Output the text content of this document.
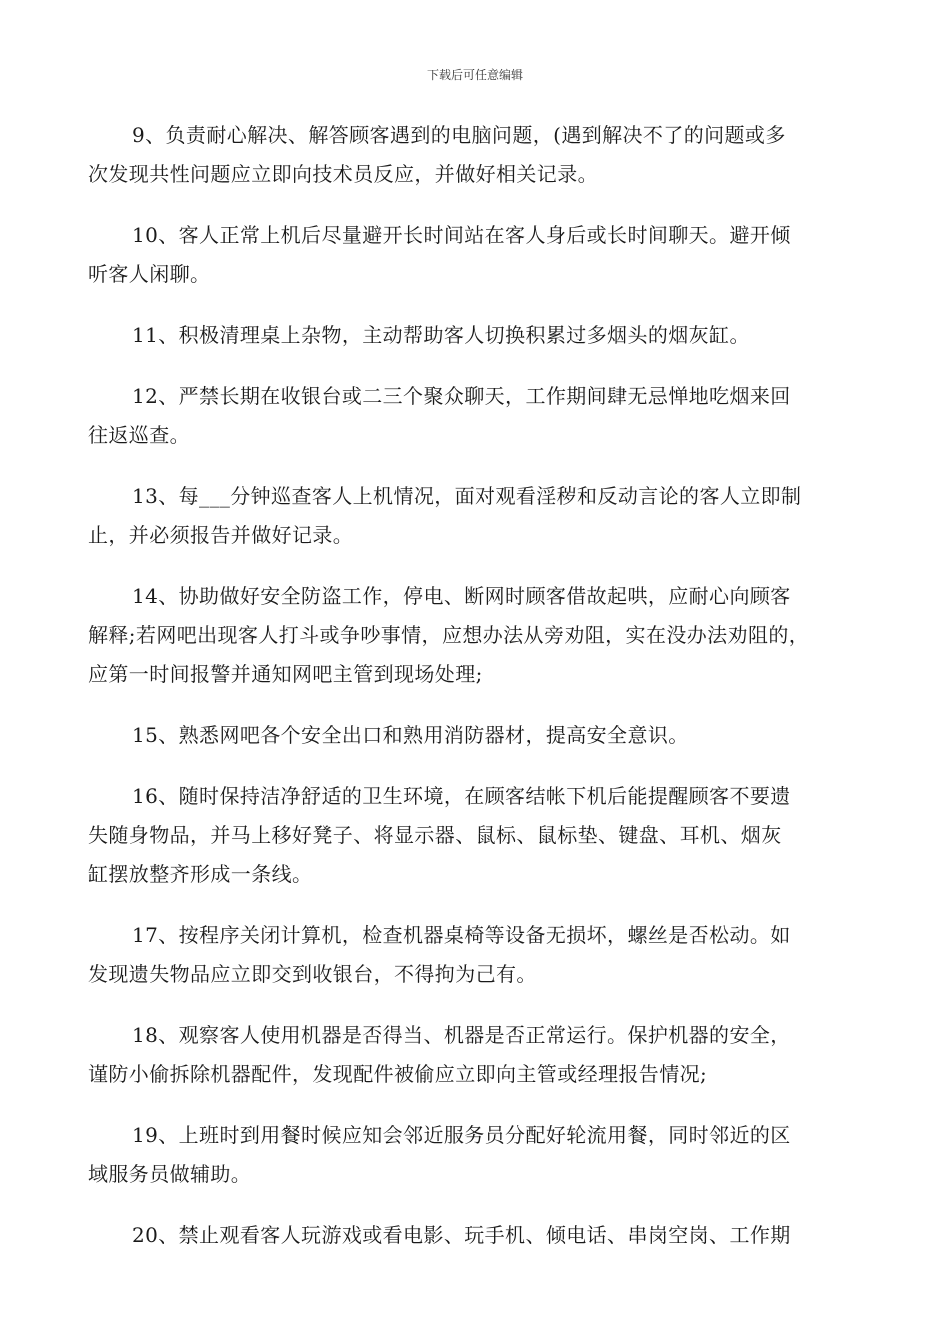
下载后可任意编辑

9、负责耐心解决、解答顾客遇到的电脑问题，(遇到解决不了的问题或多
次发现共性问题应立即向技术员反应，并做好相关记录。

10、客人正常上机后尽量避开长时间站在客人身后或长时间聊天。避开倾
听客人闲聊。

11、积极清理桌上杂物，主动帮助客人切换积累过多烟头的烟灰缸。

12、严禁长期在收银台或二三个聚众聊天，工作期间肆无忌惮地吃烟来回
往返巡查。

13、每___分钟巡查客人上机情况，面对观看淫秽和反动言论的客人立即制
止，并必须报告并做好记录。

14、协助做好安全防盗工作，停电、断网时顾客借故起哄，应耐心向顾客
解释;若网吧出现客人打斗或争吵事情，应想办法从旁劝阻，实在没办法劝阻的，
应第一时间报警并通知网吧主管到现场处理;

15、熟悉网吧各个安全出口和熟用消防器材，提高安全意识。

16、随时保持洁净舒适的卫生环境，在顾客结帐下机后能提醒顾客不要遗
失随身物品，并马上移好凳子、将显示器、鼠标、鼠标垫、键盘、耳机、烟灰
缸摆放整齐形成一条线。

17、按程序关闭计算机，检查机器桌椅等设备无损坏，螺丝是否松动。如
发现遗失物品应立即交到收银台，不得拘为己有。

18、观察客人使用机器是否得当、机器是否正常运行。保护机器的安全，
谨防小偷拆除机器配件，发现配件被偷应立即向主管或经理报告情况;

19、上班时到用餐时候应知会邻近服务员分配好轮流用餐，同时邻近的区
域服务员做辅助。

20、禁止观看客人玩游戏或看电影、玩手机、倾电话、串岗空岗、工作期
